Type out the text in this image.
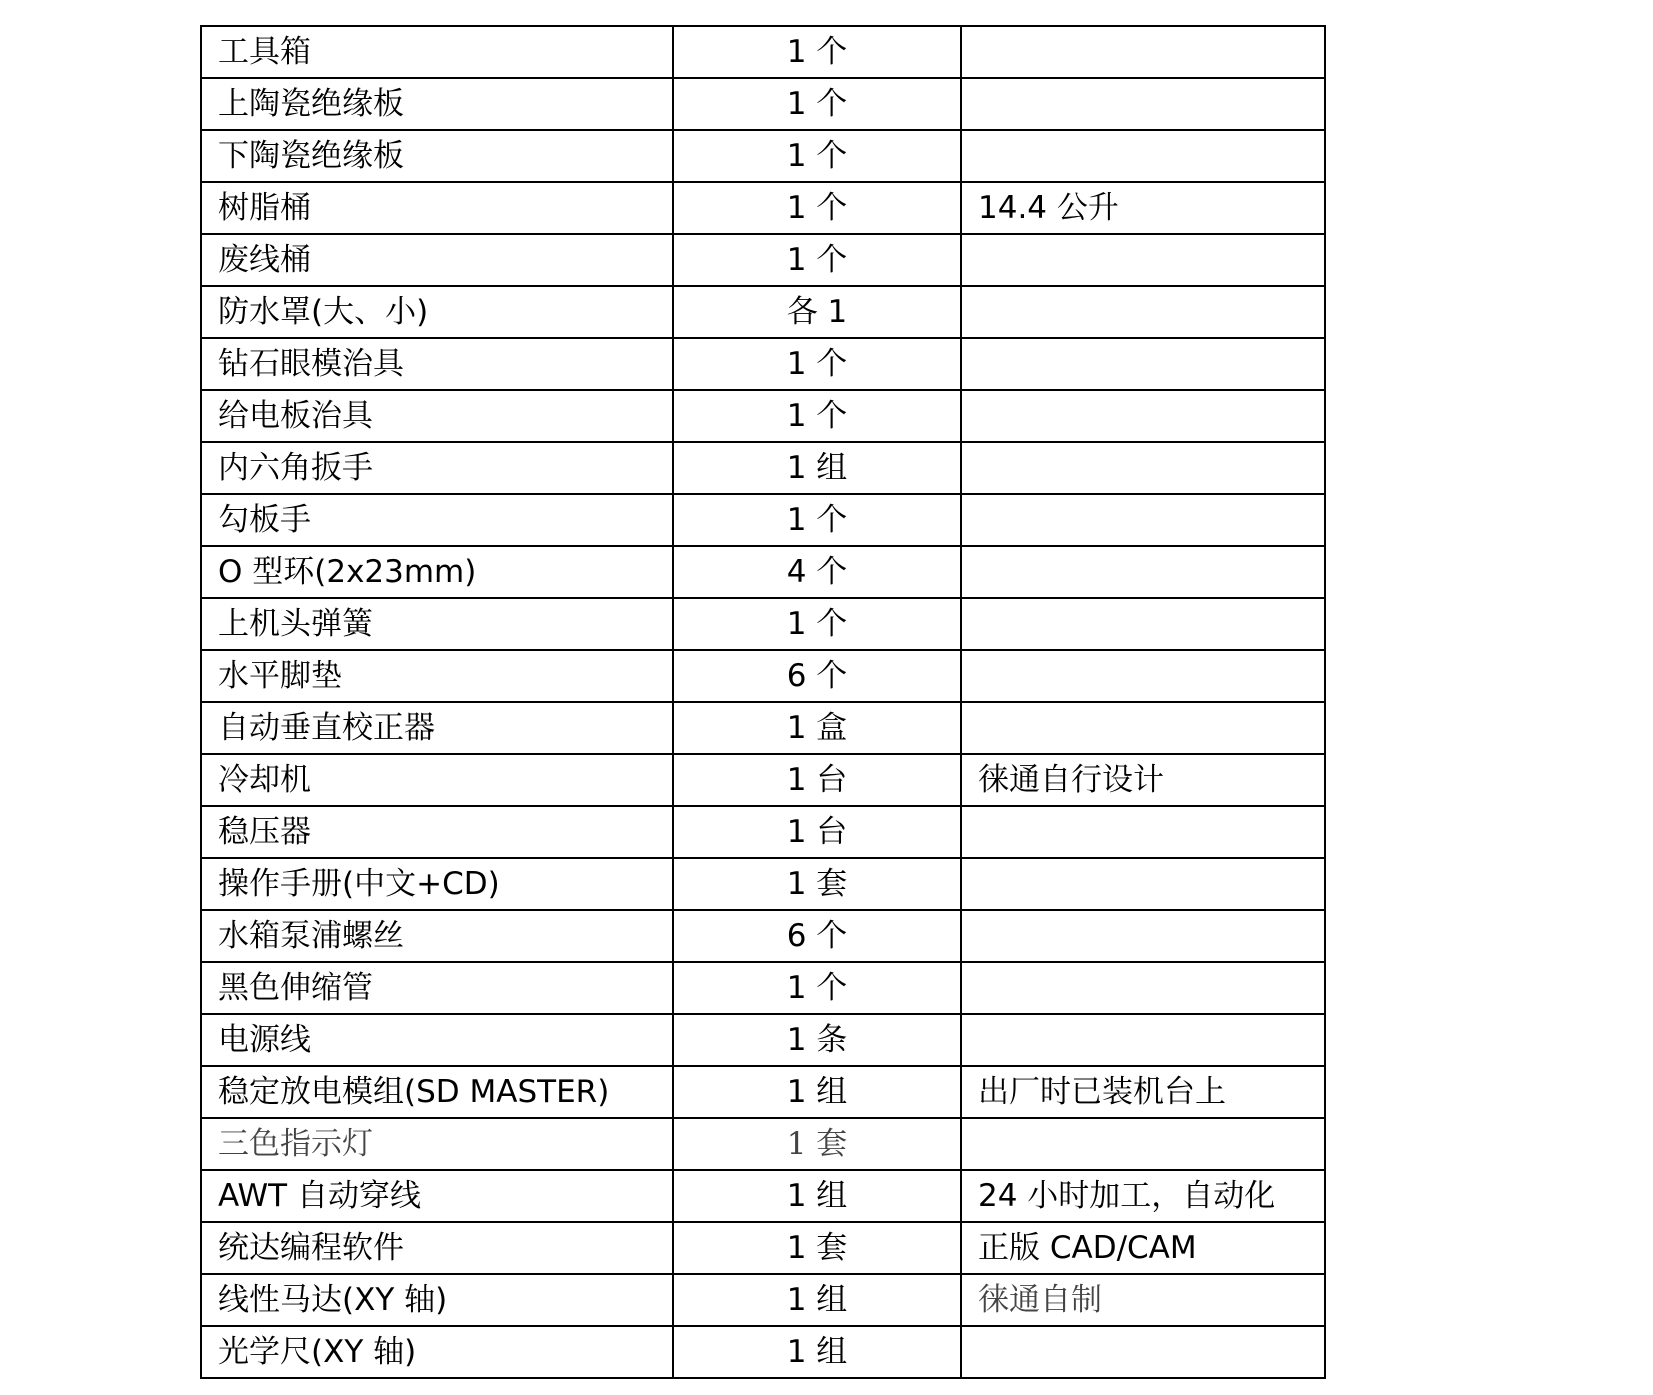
工具箱	1 个	
上陶瓷绝缘板	1 个	
下陶瓷绝缘板	1 个	
树脂桶	1 个	14.4 公升
废线桶	1 个	
防水罩(大、小)	各 1	
钻石眼模治具	1 个	
给电板治具	1 个	
内六角扳手	1 组	
勾板手	1 个	
O 型环(2x23mm)	4 个	
上机头弹簧	1 个	
水平脚垫	6 个	
自动垂直校正器	1 盒	
冷却机	1 台	徕通自行设计
稳压器	1 台	
操作手册(中文+CD)	1 套	
水箱泵浦螺丝	6 个	
黑色伸缩管	1 个	
电源线	1 条	
稳定放电模组(SD MASTER)	1 组	出厂时已装机台上
三色指示灯	1 套	
AWT 自动穿线	1 组	24 小时加工，自动化
统达编程软件	1 套	正版 CAD/CAM
线性马达(XY 轴)	1 组	徕通自制
光学尺(XY 轴)	1 组	
